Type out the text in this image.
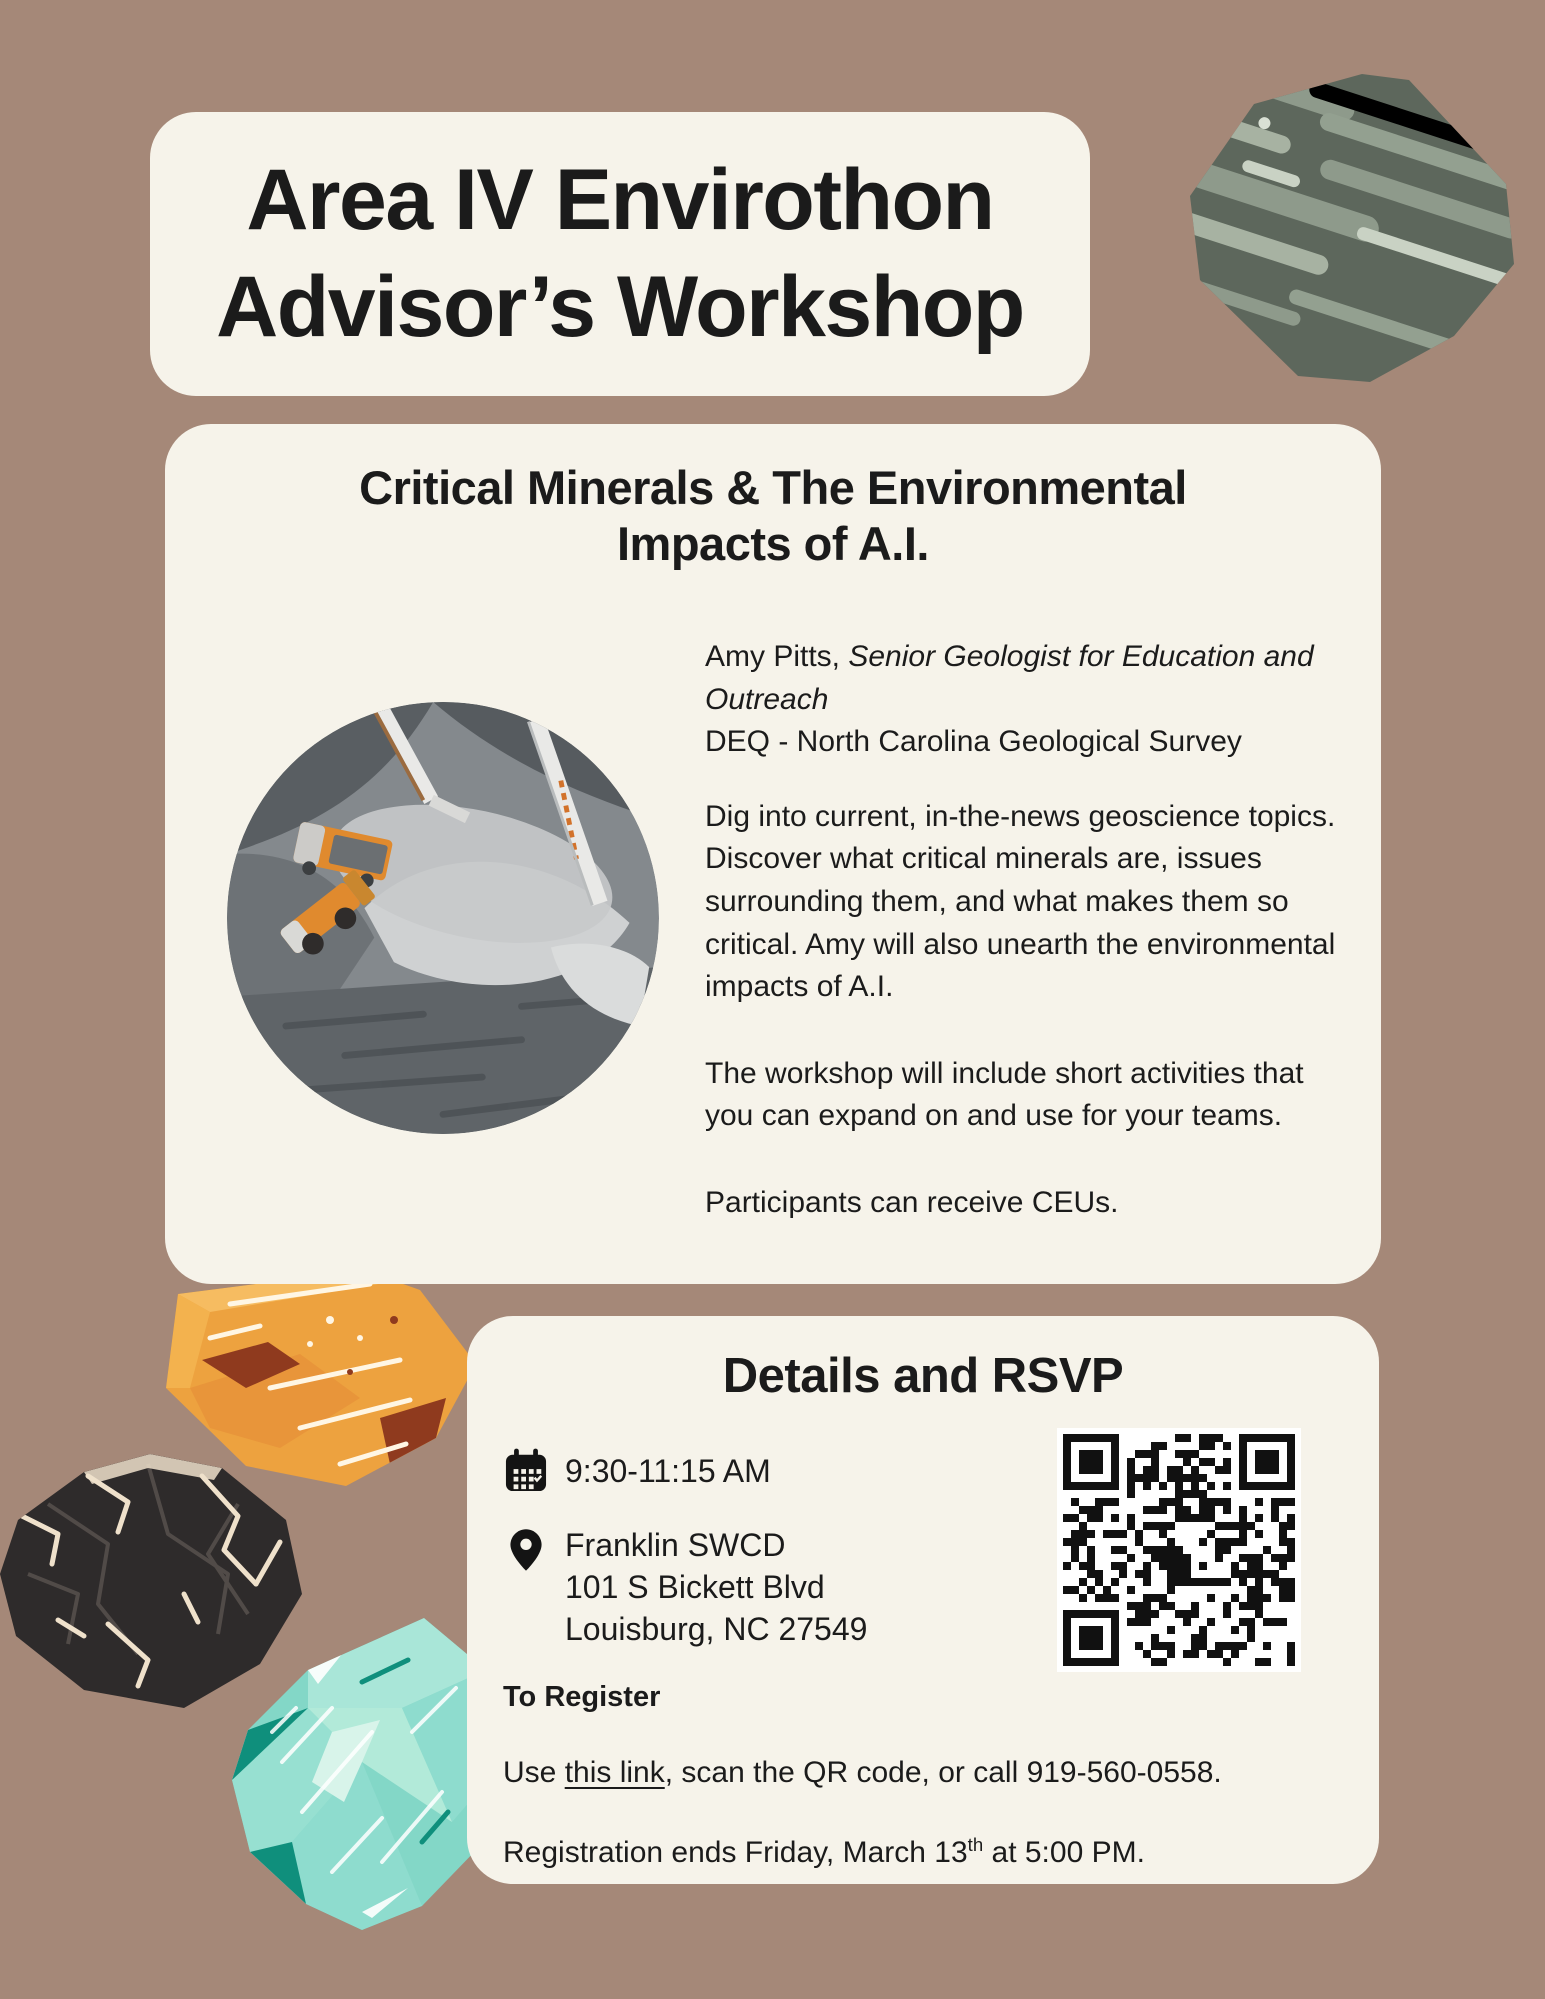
Area IV Envirothon
Advisor’s Workshop
Critical Minerals & The Environmental
Impacts of A.I.

Amy Pitts, Senior Geologist for Education and Outreach
DEQ - North Carolina Geological Survey

Dig into current, in-the-news geoscience topics. Discover what critical minerals are, issues surrounding them, and what makes them so critical. Amy will also unearth the environmental impacts of A.I.

The workshop will include short activities that you can expand on and use for your teams.

Participants can receive CEUs.

Details and RSVP
9:30-11:15 AM
Franklin SWCD
101 S Bickett Blvd
Louisburg, NC 27549
To Register
Use this link, scan the QR code, or call 919-560-0558.
Registration ends Friday, March 13th at 5:00 PM.
